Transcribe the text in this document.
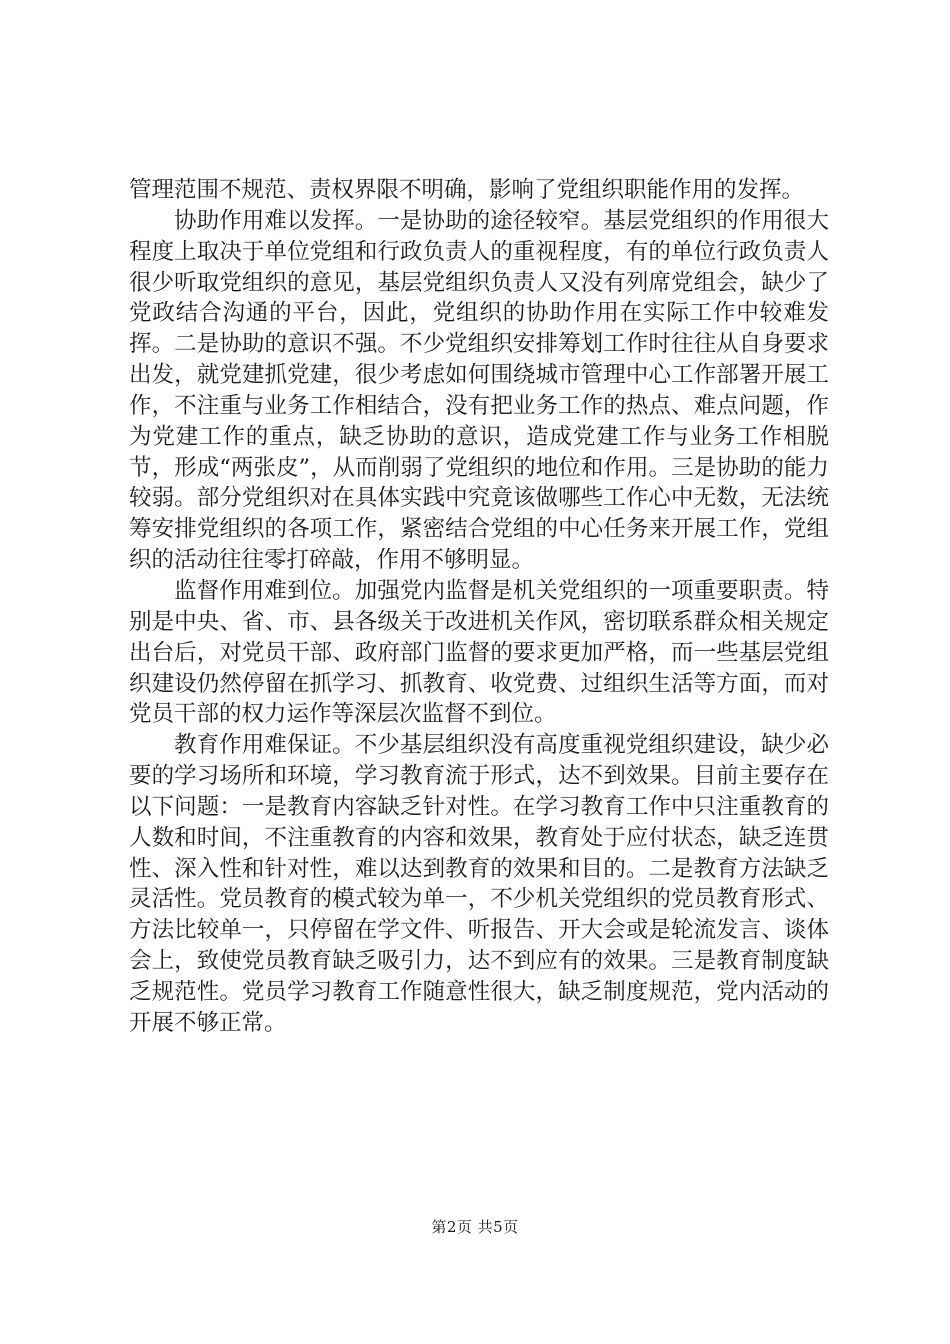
管理范围不规范、责权界限不明确，影响了党组织职能作用的发挥。

协助作用难以发挥。一是协助的途径较窄。基层党组织的作用很大程度上取决于单位党组和行政负责人的重视程度，有的单位行政负责人很少听取党组织的意见，基层党组织负责人又没有列席党组会，缺少了党政结合沟通的平台，因此，党组织的协助作用在实际工作中较难发挥。二是协助的意识不强。不少党组织安排筹划工作时往往从自身要求出发，就党建抓党建，很少考虑如何围绕城市管理中心工作部署开展工作，不注重与业务工作相结合，没有把业务工作的热点、难点问题，作为党建工作的重点，缺乏协助的意识，造成党建工作与业务工作相脱节，形成“两张皮”，从而削弱了党组织的地位和作用。三是协助的能力较弱。部分党组织对在具体实践中究竟该做哪些工作心中无数，无法统筹安排党组织的各项工作，紧密结合党组的中心任务来开展工作，党组织的活动往往零打碎敲，作用不够明显。

监督作用难到位。加强党内监督是机关党组织的一项重要职责。特别是中央、省、市、县各级关于改进机关作风，密切联系群众相关规定出台后，对党员干部、政府部门监督的要求更加严格，而一些基层党组织建设仍然停留在抓学习、抓教育、收党费、过组织生活等方面，而对党员干部的权力运作等深层次监督不到位。

教育作用难保证。不少基层组织没有高度重视党组织建设，缺少必要的学习场所和环境，学习教育流于形式，达不到效果。目前主要存在以下问题：一是教育内容缺乏针对性。在学习教育工作中只注重教育的人数和时间，不注重教育的内容和效果，教育处于应付状态，缺乏连贯性、深入性和针对性，难以达到教育的效果和目的。二是教育方法缺乏灵活性。党员教育的模式较为单一，不少机关党组织的党员教育形式、方法比较单一，只停留在学文件、听报告、开大会或是轮流发言、谈体会上，致使党员教育缺乏吸引力，达不到应有的效果。三是教育制度缺乏规范性。党员学习教育工作随意性很大，缺乏制度规范，党内活动的开展不够正常。

第2页 共5页
